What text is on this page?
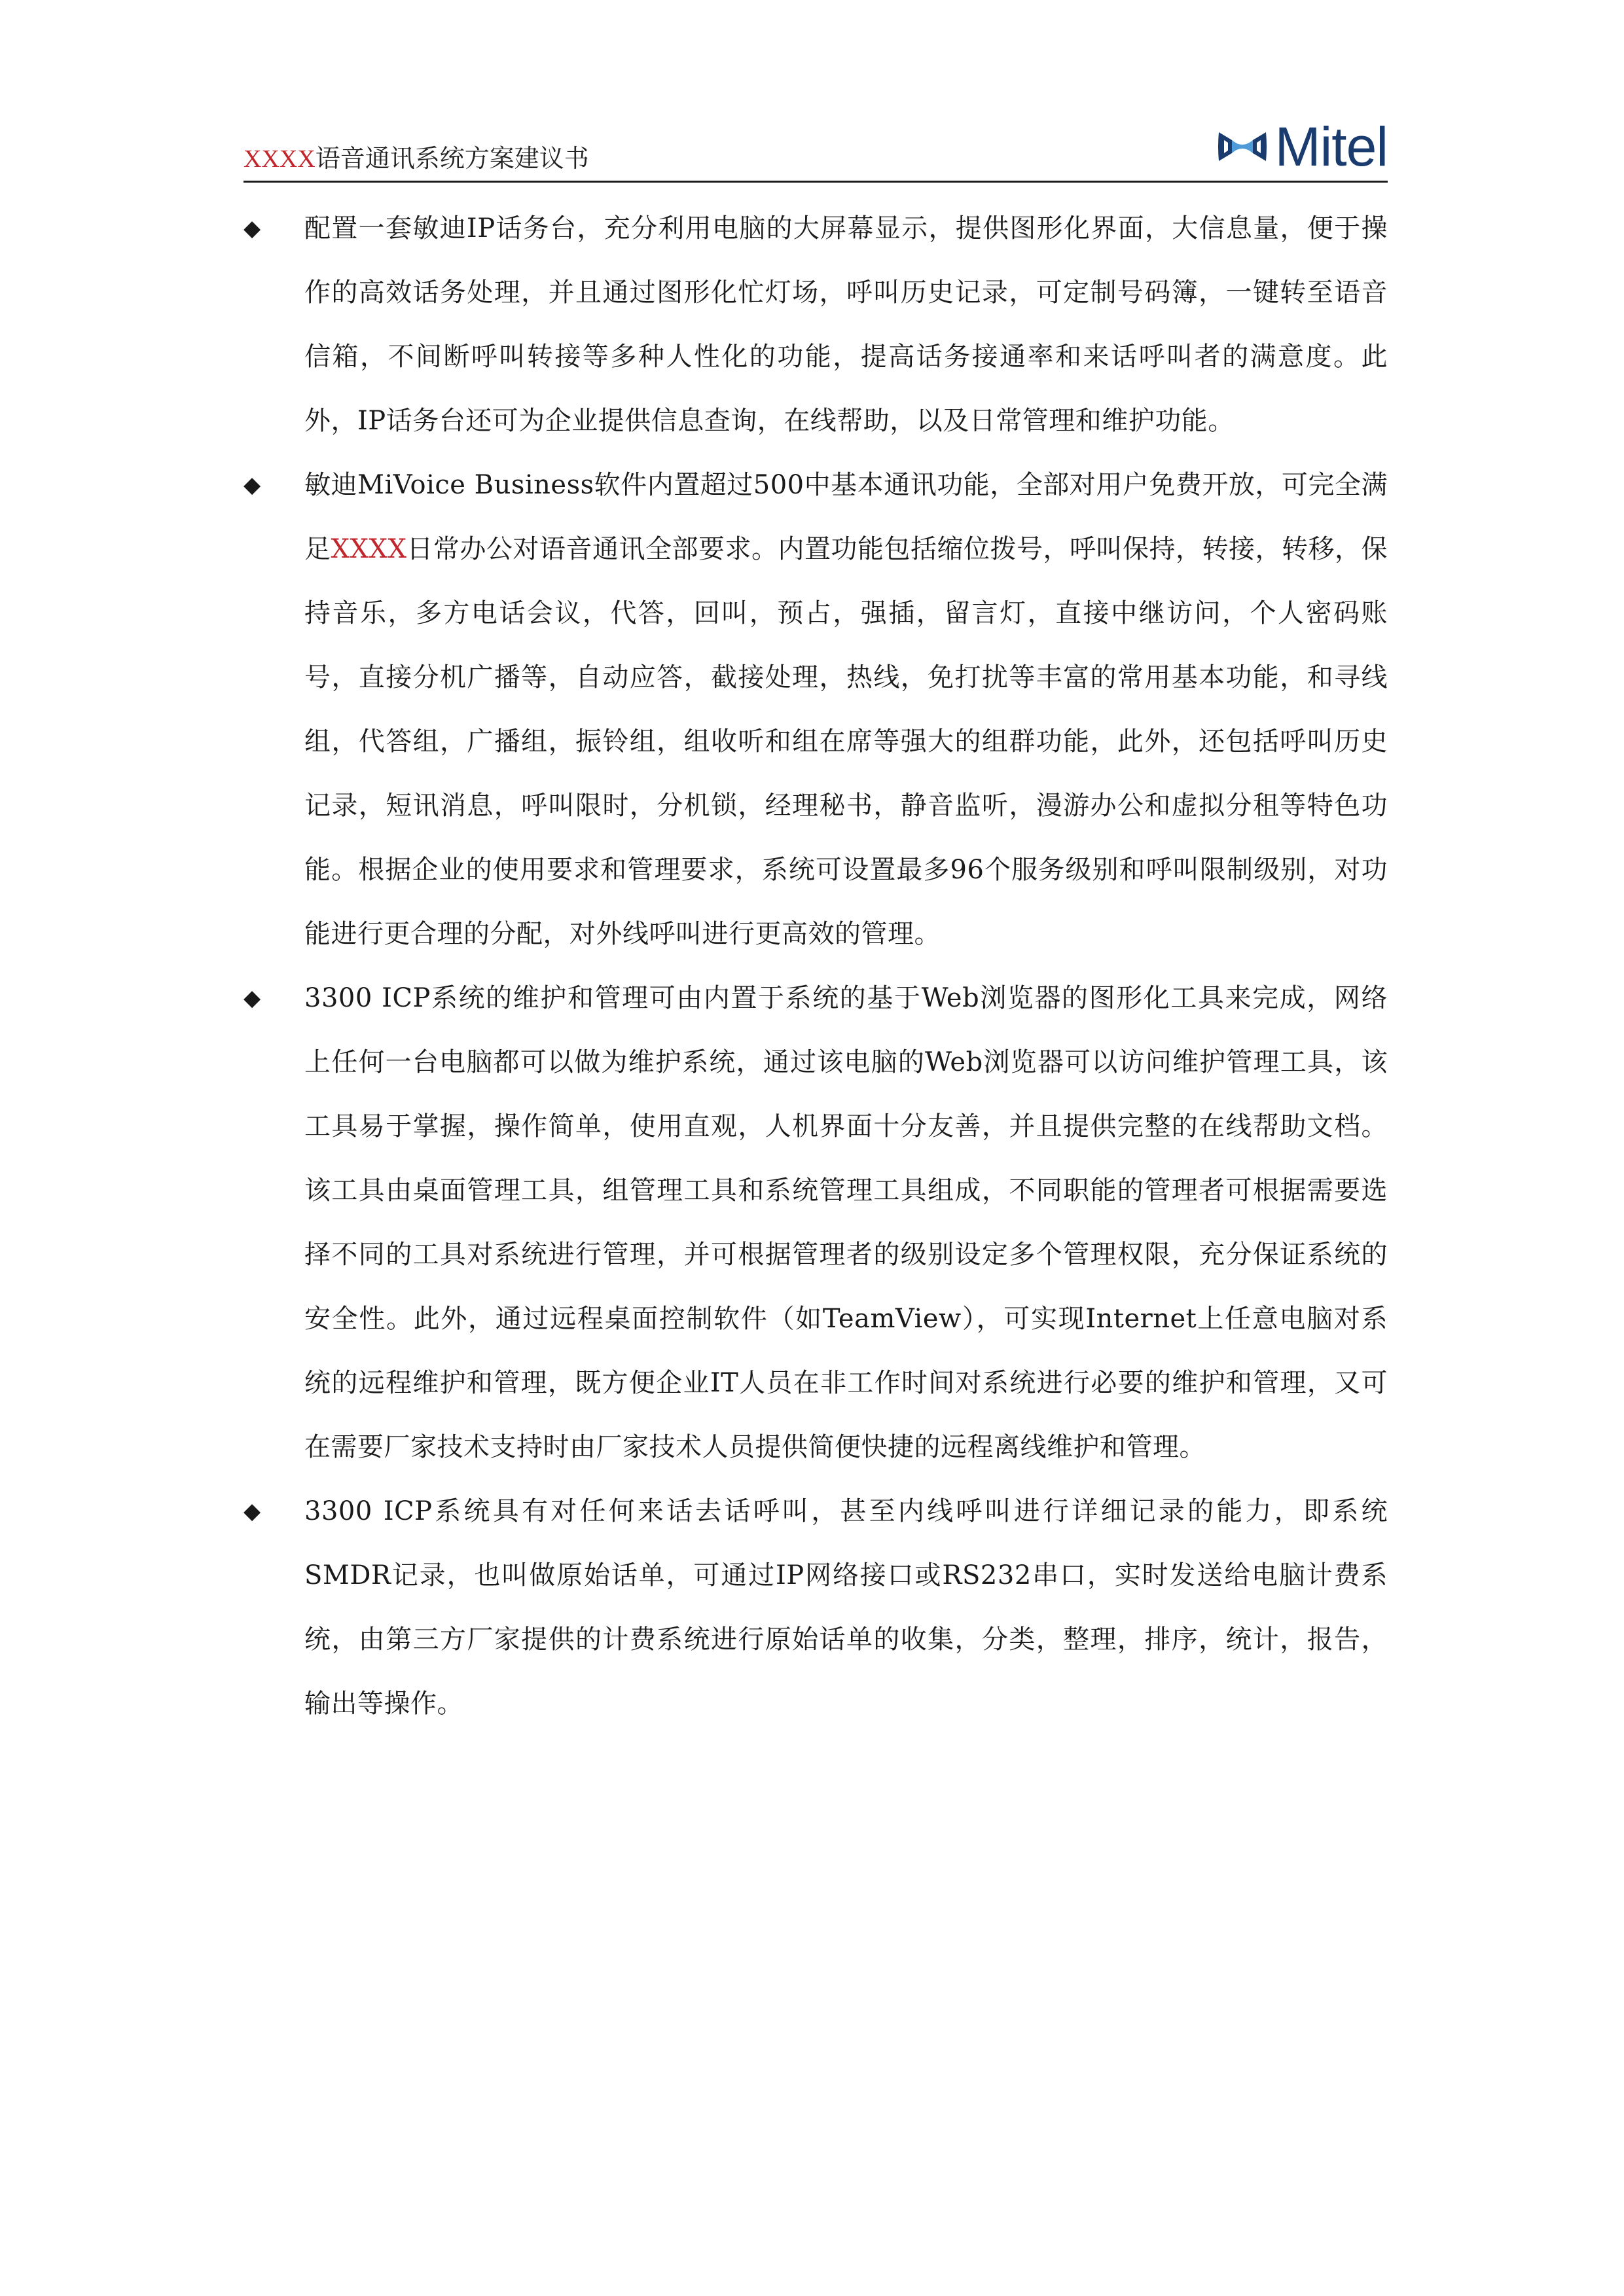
XXXX语音通讯系统方案建议书	Mitel
◆	配置一套敏迪IP话务台，充分利用电脑的大屏幕显示，提供图形化界面，大信息量，便于操作的高效话务处理，并且通过图形化忙灯场，呼叫历史记录，可定制号码簿，一键转至语音信箱，不间断呼叫转接等多种人性化的功能，提高话务接通率和来话呼叫者的满意度。此外，IP话务台还可为企业提供信息查询，在线帮助，以及日常管理和维护功能。
◆	敏迪MiVoice Business软件内置超过500中基本通讯功能，全部对用户免费开放，可完全满足XXXX日常办公对语音通讯全部要求。内置功能包括缩位拨号，呼叫保持，转接，转移，保持音乐，多方电话会议，代答，回叫，预占，强插，留言灯，直接中继访问，个人密码账号，直接分机广播等，自动应答，截接处理，热线，免打扰等丰富的常用基本功能，和寻线组，代答组，广播组，振铃组，组收听和组在席等强大的组群功能，此外，还包括呼叫历史记录，短讯消息，呼叫限时，分机锁，经理秘书，静音监听，漫游办公和虚拟分租等特色功能。根据企业的使用要求和管理要求，系统可设置最多96个服务级别和呼叫限制级别，对功能进行更合理的分配，对外线呼叫进行更高效的管理。
◆	3300 ICP系统的维护和管理可由内置于系统的基于Web浏览器的图形化工具来完成，网络上任何一台电脑都可以做为维护系统，通过该电脑的Web浏览器可以访问维护管理工具，该工具易于掌握，操作简单，使用直观，人机界面十分友善，并且提供完整的在线帮助文档。该工具由桌面管理工具，组管理工具和系统管理工具组成，不同职能的管理者可根据需要选择不同的工具对系统进行管理，并可根据管理者的级别设定多个管理权限，充分保证系统的安全性。此外，通过远程桌面控制软件（如TeamView），可实现Internet上任意电脑对系统的远程维护和管理，既方便企业IT人员在非工作时间对系统进行必要的维护和管理，又可在需要厂家技术支持时由厂家技术人员提供简便快捷的远程离线维护和管理。
◆	3300 ICP系统具有对任何来话去话呼叫，甚至内线呼叫进行详细记录的能力，即系统SMDR记录，也叫做原始话单，可通过IP网络接口或RS232串口，实时发送给电脑计费系统，由第三方厂家提供的计费系统进行原始话单的收集，分类，整理，排序，统计，报告，输出等操作。
